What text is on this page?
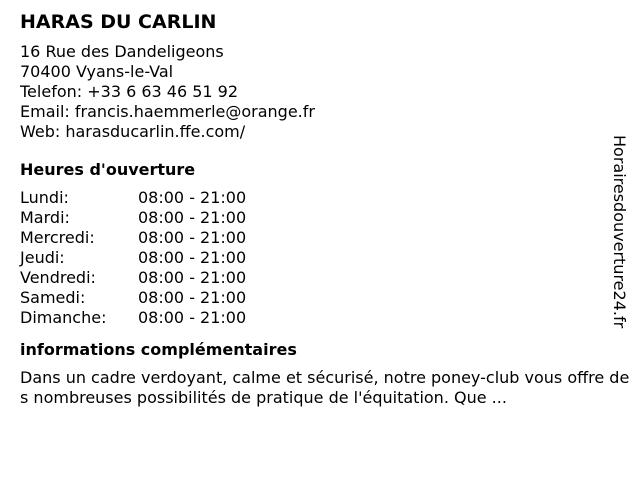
HARAS DU CARLIN
16 Rue des Dandeligeons
70400 Vyans-le-Val
Telefon: +33 6 63 46 51 92
Email: francis.haemmerle@orange.fr
Web: harasducarlin.ffe.com/
Heures d'ouverture
Lundi:	08:00 - 21:00
Mardi:	08:00 - 21:00
Mercredi:	08:00 - 21:00
Jeudi:	08:00 - 21:00
Vendredi:	08:00 - 21:00
Samedi:	08:00 - 21:00
Dimanche:	08:00 - 21:00
informations complémentaires
Dans un cadre verdoyant, calme et sécurisé, notre poney-club vous offre des nombreuses possibilités de pratique de l'équitation. Que ...
Horairesdouverture24.fr
